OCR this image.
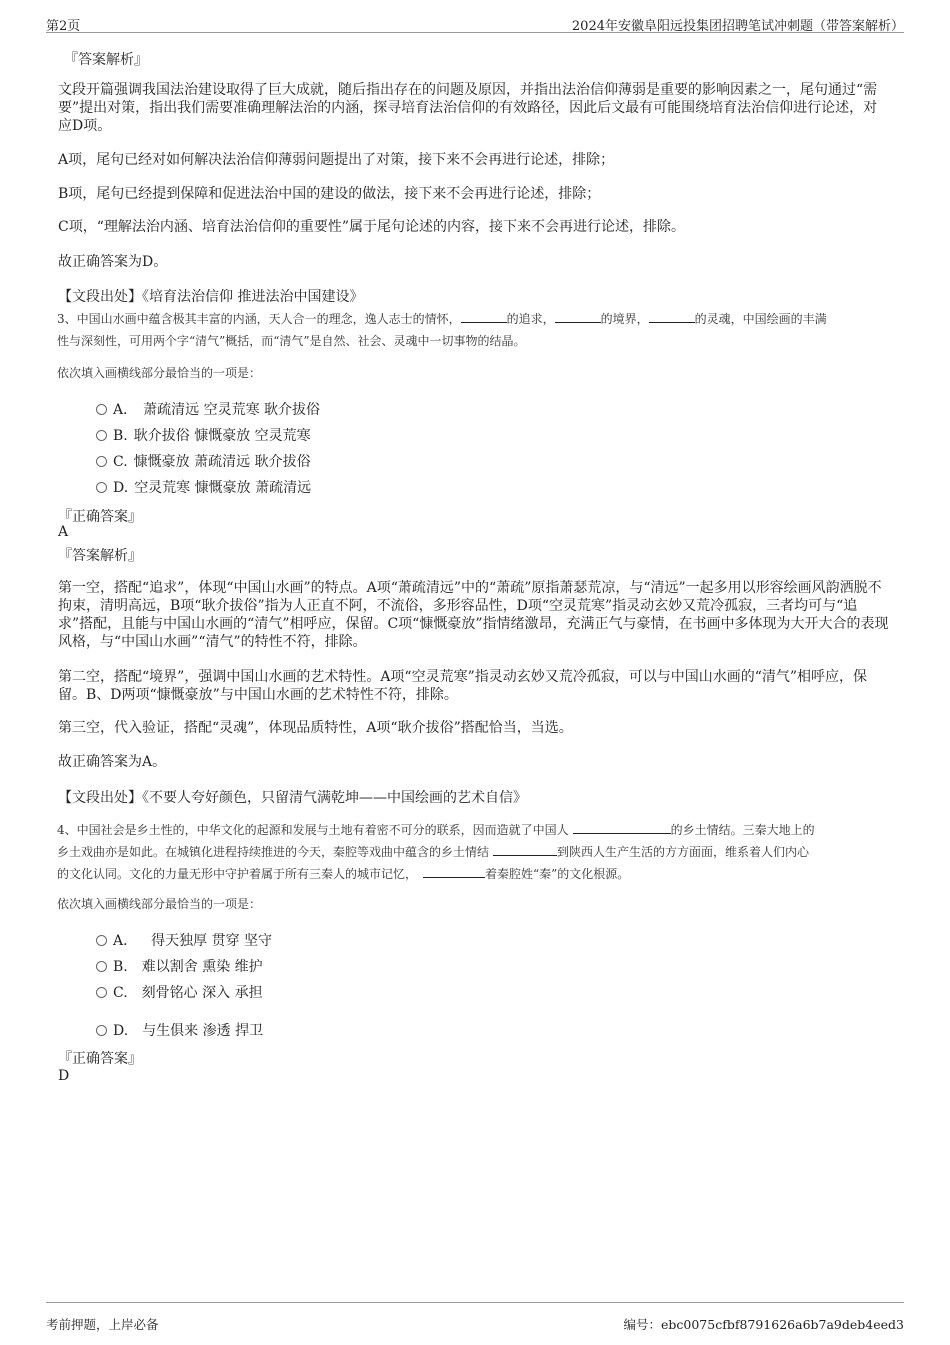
第2页	2024年安徽阜阳远投集团招聘笔试冲刺题（带答案解析）
『答案解析』

文段开篇强调我国法治建设取得了巨大成就，随后指出存在的问题及原因，并指出法治信仰薄弱是重要的影响因素之一，尾句通过“需要”提出对策，指出我们需要准确理解法治的内涵，探寻培育法治信仰的有效路径，因此后文最有可能围绕培育法治信仰进行论述，对应D项。

A项，尾句已经对如何解决法治信仰薄弱问题提出了对策，接下来不会再进行论述，排除；

B项，尾句已经提到保障和促进法治中国的建设的做法，接下来不会再进行论述，排除；

C项，“理解法治内涵、培育法治信仰的重要性”属于尾句论述的内容，接下来不会再进行论述，排除。

故正确答案为D。

【文段出处】《培育法治信仰 推进法治中国建设》

3、中国山水画中蕴含极其丰富的内涵，天人合一的理念，逸人志士的情怀，	的追求，	的境界，	的灵魂，中国绘画的丰满
性与深刻性，可用两个字“清气”概括，而“清气”是自然、社会、灵魂中一切事物的结晶。

依次填入画横线部分最恰当的一项是：

A． 萧疏清远 空灵荒寒 耿介拔俗
B. 耿介拔俗 慷慨豪放 空灵荒寒
C. 慷慨豪放 萧疏清远 耿介拔俗
D. 空灵荒寒 慷慨豪放 萧疏清远
『正确答案』
A
『答案解析』

第一空，搭配“追求”，体现“中国山水画”的特点。A项“萧疏清远”中的“萧疏”原指萧瑟荒凉，与“清远”一起多用以形容绘画风韵洒脱不拘束，清明高远，B项“耿介拔俗”指为人正直不阿，不流俗，多形容品性，D项“空灵荒寒”指灵动玄妙又荒冷孤寂，三者均可与“追求”搭配，且能与中国山水画的“清气”相呼应，保留。C项“慷慨豪放”指情绪激昂，充满正气与豪情，在书画中多体现为大开大合的表现风格，与“中国山水画”“清气”的特性不符，排除。

第二空，搭配“境界”，强调中国山水画的艺术特性。A项“空灵荒寒”指灵动玄妙又荒冷孤寂，可以与中国山水画的“清气”相呼应，保留。B、D两项“慷慨豪放”与中国山水画的艺术特性不符，排除。

第三空，代入验证，搭配“灵魂”，体现品质特性，A项“耿介拔俗”搭配恰当，当选。

故正确答案为A。

【文段出处】《不要人夸好颜色，只留清气满乾坤——中国绘画的艺术自信》

4、中国社会是乡土性的，中华文化的起源和发展与土地有着密不可分的联系，因而造就了中国人	的乡土情结。三秦大地上的
乡土戏曲亦是如此。在城镇化进程持续推进的今天，秦腔等戏曲中蕴含的乡土情结	到陕西人生产生活的方方面面，维系着人们内心
的文化认同。文化的力量无形中守护着属于所有三秦人的城市记忆，	着秦腔姓“秦”的文化根源。

依次填入画横线部分最恰当的一项是：

A． 得天独厚 贯穿 坚守
B. 难以割舍 熏染 维护
C. 刻骨铭心 深入 承担
D. 与生俱来 渗透 捍卫
『正确答案』
D
考前押题，上岸必备	编号：ebc0075cfbf8791626a6b7a9deb4eed3
